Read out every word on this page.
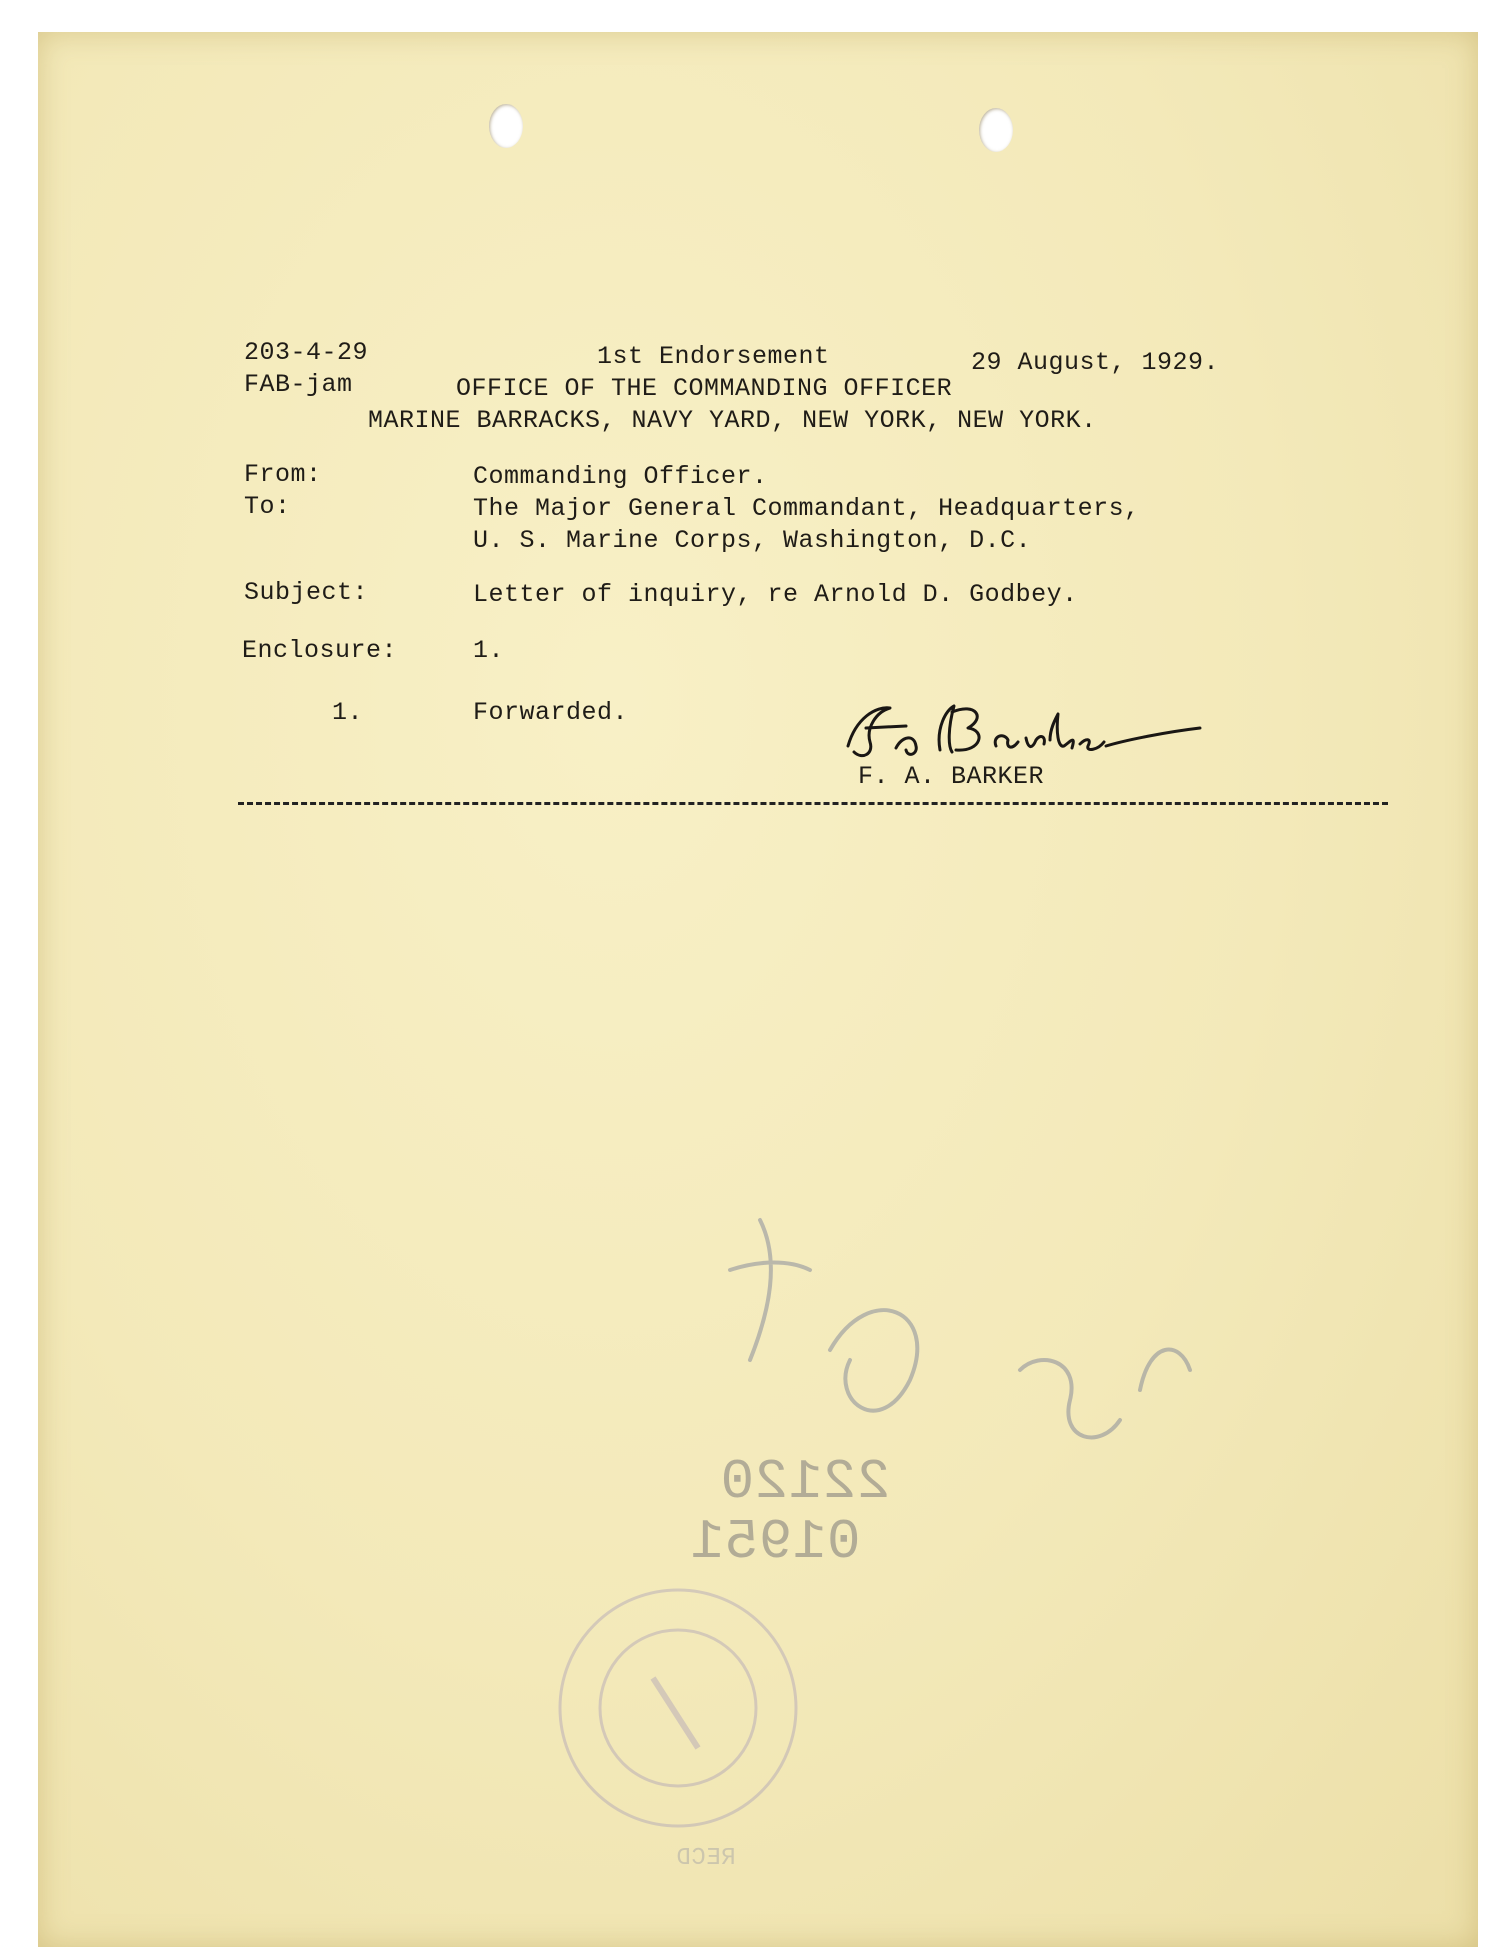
203-4-29	1st Endorsement	29 August, 1929.
FAB-jam	OFFICE OF THE COMMANDING OFFICER
MARINE BARRACKS, NAVY YARD, NEW YORK, NEW YORK.
From:	Commanding Officer.
To:	The Major General Commandant, Headquarters,
U. S. Marine Corps, Washington, D.C.
Subject:	Letter of inquiry, re Arnold D. Godbey.
Enclosure:	1.
1.	Forwarded.
F. A. BARKER
22120
01951
RECD
